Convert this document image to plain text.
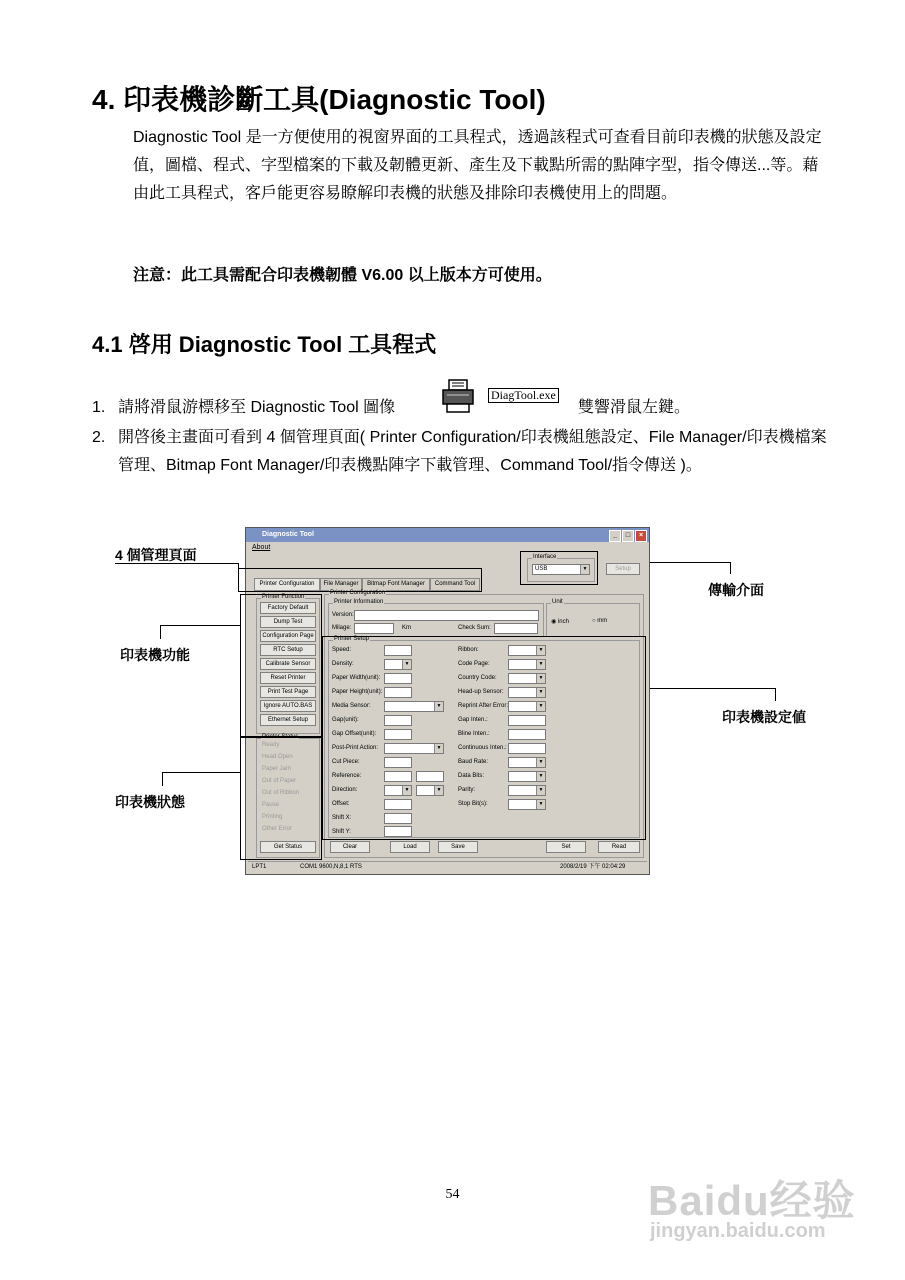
4. 印表機診斷工具(Diagnostic Tool)

Diagnostic Tool 是一方便使用的視窗界面的工具程式，透過該程式可查看目前印表機的狀態及設定值，圖檔、程式、字型檔案的下載及韌體更新、產生及下載點所需的點陣字型，指令傳送...等。藉由此工具程式，客戶能更容易瞭解印表機的狀態及排除印表機使用上的問題。

注意：此工具需配合印表機韌體 V6.00 以上版本方可使用。

4.1 啓用 Diagnostic Tool 工具程式
1. 請將滑鼠游標移至 Diagnostic Tool 圖像
DiagTool.exe
雙響滑鼠左鍵。
2. 開啓後主畫面可看到 4 個管理頁面( Printer Configuration/印表機組態設定、File Manager/印表機檔案管理、Bitmap Font Manager/印表機點陣字下載管理、Command Tool/指令傳送 )。
4 個管理頁面
傳輸介面
印表機功能
印表機設定値
印表機狀態
Diagnostic Tool	_	□	×
About
Interface
USB	▼	Setup
Printer Configuration	File Manager	Bitmap Font Manager	Command Tool
Printer Function
Factory Default
Dump Test
Configuration Page
RTC Setup
Calibrate Sensor
Reset Printer
Print Test Page
Ignore AUTO.BAS
Ethernet Setup
Printer Status
Ready
Head Open
Paper Jam
Out of Paper
Out of Ribbon
Pause
Printing
Other Error
Get Status
Printer Configuration
Printer Information
Version:
Milage:	Km	Check Sum:
Unit
◉ inch	○ mm
Printer Setup
Speed:
Density:	▼
Paper Width(unit):
Paper Height(unit):
Media Sensor:	▼
Gap(unit):
Gap Offset(unit):
Post-Print Action:	▼
Cut Piece:
Reference:
Direction:	▼	▼
Offset:
Shift X:
Shift Y:
Ribbon:	▼
Code Page:	▼
Country Code:	▼
Head-up Sensor:	▼
Reprint After Error:	▼
Gap Inten.:
Bline Inten.:
Continuous Inten.:
Baud Rate:	▼
Data Bits:	▼
Parity:	▼
Stop Bit(s):	▼
Clear	Load	Save	Set	Read
LPT1	COM1 9600,N,8,1 RTS	2008/2/19 下午 02:04:29
54	Baidu经验
jingyan.baidu.com
